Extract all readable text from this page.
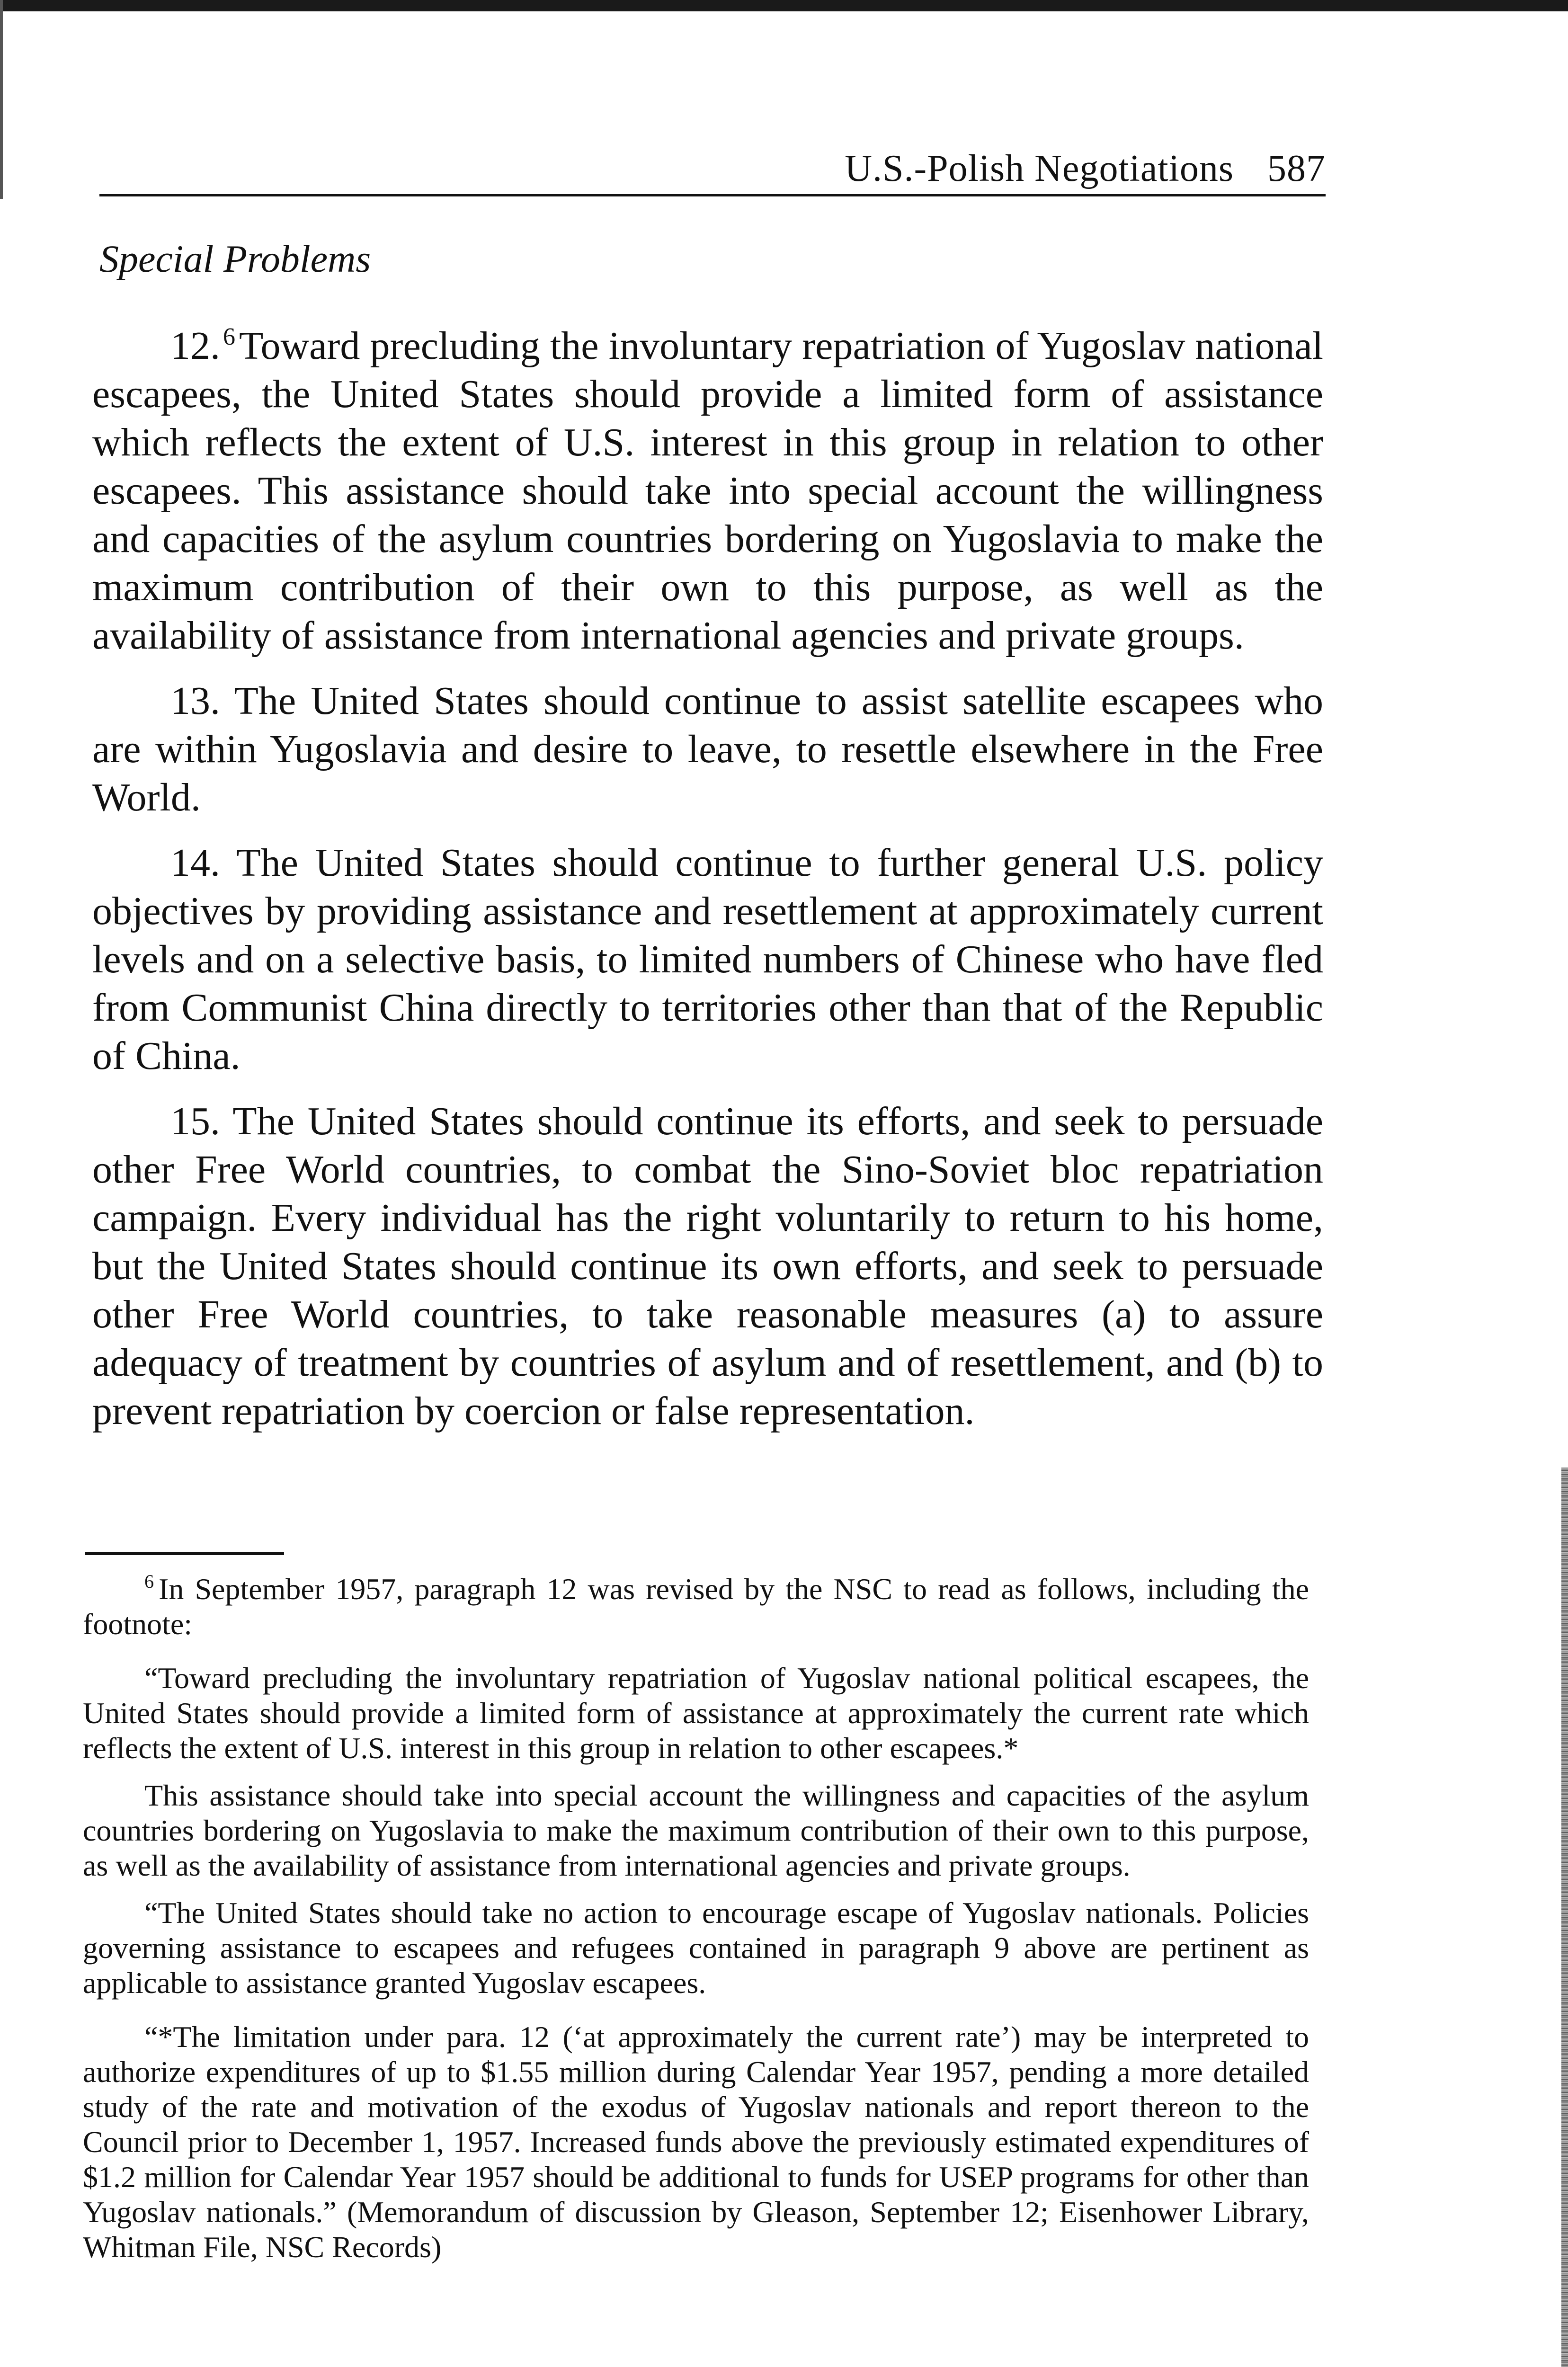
U.S.-Polish Negotiations 587
Special Problems

12. $^6$Toward precluding the involuntary repatriation of Yugoslav national escapees, the United States should provide a limited form of assistance which reflects the extent of U.S. interest in this group in relation to other escapees. This assistance should take into special account the willingness and capacities of the asylum countries bordering on Yugoslavia to make the maximum contribution of their own to this purpose, as well as the availability of assistance from international agencies and private groups.

13. The United States should continue to assist satellite escapees who are within Yugoslavia and desire to leave, to resettle elsewhere in the Free World.

14. The United States should continue to further general U.S. policy objectives by providing assistance and resettlement at approximately current levels and on a selective basis, to limited numbers of Chinese who have fled from Communist China directly to territories other than that of the Republic of China.

15. The United States should continue its efforts, and seek to persuade other Free World countries, to combat the Sino-Soviet bloc repatriation campaign. Every individual has the right voluntarily to return to his home, but the United States should continue its own efforts, and seek to persuade other Free World countries, to take reasonable measures (a) to assure adequacy of treatment by countries of asylum and of resettlement, and (b) to prevent repatriation by coercion or false representation.

$^6$ In September 1957, paragraph 12 was revised by the NSC to read as follows, including the footnote:

“Toward precluding the involuntary repatriation of Yugoslav national political escapees, the United States should provide a limited form of assistance at approximately the current rate which reflects the extent of U.S. interest in this group in relation to other escapees.*

This assistance should take into special account the willingness and capacities of the asylum countries bordering on Yugoslavia to make the maximum contribution of their own to this purpose, as well as the availability of assistance from international agencies and private groups.

“The United States should take no action to encourage escape of Yugoslav nationals. Policies governing assistance to escapees and refugees contained in paragraph 9 above are pertinent as applicable to assistance granted Yugoslav escapees.

“*The limitation under para. 12 (‘at approximately the current rate’) may be interpreted to authorize expenditures of up to $1.55 million during Calendar Year 1957, pending a more detailed study of the rate and motivation of the exodus of Yugoslav nationals and report thereon to the Council prior to December 1, 1957. Increased funds above the previously estimated expenditures of $1.2 million for Calendar Year 1957 should be additional to funds for USEP programs for other than Yugoslav nationals.” (Memorandum of discussion by Gleason, September 12; Eisenhower Library, Whitman File, NSC Records)
